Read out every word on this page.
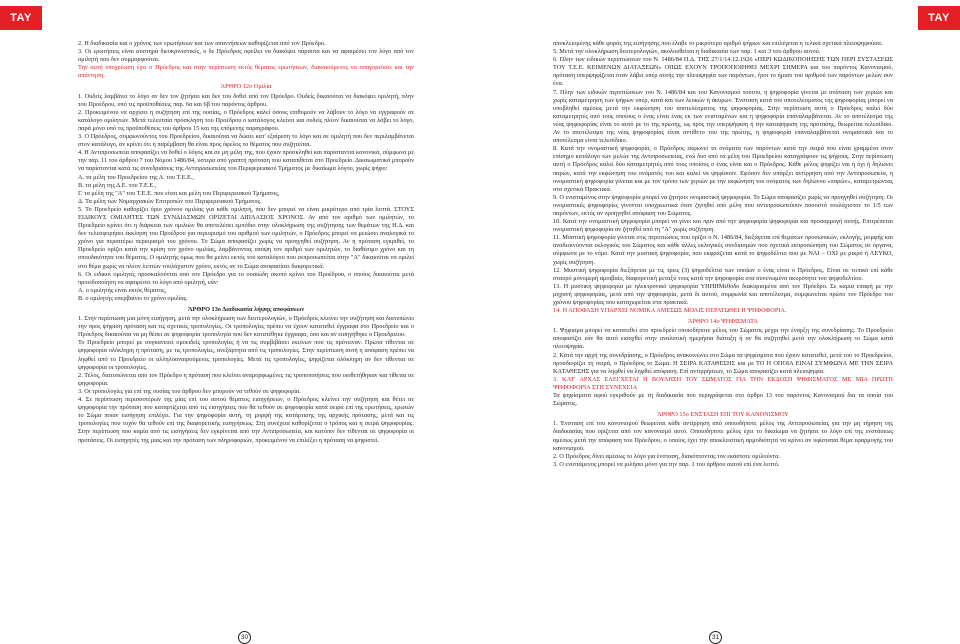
ΤΑΥ	ΤΑΥ

2. Η διαδικασία και ο χρόνος των ερωτήσεων και των απαντήσεων καθορίζεται από τον Πρόεδρο.

3. Οι ερωτήσεις είναι αυστηρά διευκρινιστικές, ο δε Πρόεδρος οφείλει να διακόψει πάραυτα και να αφαιρέσει τον λόγο από τον ομιλητή που δεν συμμορφούται.

Την αυτή υποχρέωση έχει ο Πρόεδρος και στην περίπτωση εκτός θέματος ερωτήσεων, διακαιούμενος να απαγορεύσει και την απάντηση.

ΆΡΘΡΟ 12ο Ομιλία

1. Ουδείς λαμβάνει το λόγο αν δεν τον ζητήσει και δεν του δοθεί από τον Πρόεδρο. Ουδείς δικαιούται να διακόψει ομιλητή, πλην του Προέδρου, υπό τις προϋποθέσεις παρ. 6α και 6β του παρόντος άρθρου.

2. Προκειμένου να αρχίσει η συζήτηση επί της ουσίας, ο Πρόεδρος καλεί όσους επιθυμούν να λάβουν το λόγο να εγγραφούν σε κατάλογο ομιλητών. Μετά τελευταία πρόσκληση του Προέδρου ο κατάλογος κλείνει και ουδείς πλέον δικαιούται να λάβει το λόγο, παρά μόνο υπό τις προϋποθέσεις του άρθρου 15 και της επόμενης παραγράφου.

3. Ο Πρόεδρος, συμφωνούντος του Προεδρείου, δικαιούται να δώσει κατ' εξαίρεση το λόγο και σε ομιλητή που δεν περιλαμβάνεται στον κατάλογο, αν κρίνει ότι η παρέμβαση θα είναι προς όφελος το θέματος που συζητείται.

4. Η Αντιπροσωπεία αποφασίζει να δοθεί ο λόγος και σε μη μέλη της, που έχουν προσκληθεί και παρίστανται κανονικά, σύμφωνα με την παρ. 11 του άρθρου 7 του Νόμου 1486/84, ύστερα από γραπτή πρόταση που καταπίθεται στο Προεδρείο. Δικαιωματικά μπορούν να παρίστανται κατά τις συνεδριάσεις της Αντιπροσωπείας του Περιφερειακού Τμήματος με δικαίωμα λόγου, χωρίς ψήφο:

Α. τα μέλη του Προεδρείου της Α. του Τ.Ε.Ε.,

Β. τα μέλη της Δ.Ε. του Τ.Ε.Ε.,

Γ. τα μέλη της "Α" του Τ.Ε.Ε. που είναι και μέλη του Περιφερειακού Τμήματος,

Δ. Τα μέλη των Νομαρχιακών Επιτροπών του Περιφερειακού Τμήματος.

5. Το Προεδρείο καθορίζει όριο χρόνου ομιλίας για κάθε ομιλητή, που δεν μπορεί να είναι μικρότερο από τρία λεπτά. ΣΤΟΥΣ ΕΙΔΙΚΟΥΣ ΟΜΙΛΗΤΕΣ ΤΩΝ ΣΥΝΔΙΑΣΜΩΝ ΟΡΙΖΕΤΑΙ ΔΙΠΛΑΣΙΟΣ ΧΡΟΝΟΣ. Αν από τον αριθμό των ομιλητών, το Προεδρείο κρίνει ότι η διάρκεια των ομιλιών θα αποτελέσει εμπόδιο στην ολοκλήρωση της συζήτησης των θεμάτων της Η.Δ. και δεν τελεσφορήσει έκκληση του Προέδρου για περιορισμό του αριθμού των ομιλητών, ο Πρόεδρος μπορεί να μειώσει αναλογικά το χρόνο για περαιτέρω περιορισμό του χρόνου. Το Σώμα αποφασίζει χωρίς να προηγηθεί συζήτηση. Αν η πρόταση εγκριθεί, το Προεδρείο ορίζει κατά την κρίση τον χρόνο ομιλίας, λαμβάνοντας υπόψη τον αριθμό των ομιλητών, το διαθέσιμο χρόνο και τη σπουδαιότητα του θέματος. Ο ομιλητής όμως που θα μείνει εκτός του καταλόγου που εκπροσωπείται στην "Α" δικαιούται να ομιλεί στο θέμα χωρίς να πλέον λεπτών τουλάχιστον χρόνο, εκτός αν το Σώμα αποφασίσει διαφορετικά.

6. Οι ειδικοί ομιλητές προσκαλούνται από τον Πρόεδρο για το ουσιώδη σκοπό κρίνει του Προέδρου, ο οποίος δικαιούται μετά προειδοποίηση να αφαιρέσει το λόγο από ομιλητή, εάν:

Α. ο ομιλητής είναι εκτός θέματος,

Β. ο ομιλητής υπερβαίνει το χρόνο ομιλίας.

ΆΡΘΡΟ 13ο Διαδικασία λήψης αποφάσεων

1. Στην περίπτωση μια μόνη εισήγηση, μετά την ολοκλήρωση των δευτερολογιών, ο Πρόεδρος κλείνει την συζήτηση και διατυπώνει την προς ψήφιση πρόταση και τις σχετικές τροπολογίες. Οι τροπολογίες πρέπει να έχουν κατατεθεί έγγραφα στο Προεδρείο και ο Πρόεδρος δικαιούται να μη θέσει σε ψηφοφορία τροπολογία που δεν κατατέθηκε έγγραφα, όσο και αν εισηγήθηκε ο Προεδρείου.

Το Προεδρείο μπορεί με συγκανευεί ομοειδείς τροπολογίες ή να τις συμβιβάσει εκείνων που τις πρότειναν. Πρώτα τίθενται σε ψηφοφορία ολόκληρη η πρόταση, με τις τροπολογίες, ανεξάρτητα από τις τροπολογίες. Στην περίπτωση αυτή η απόφαση πρέπει να ληφθεί από το Προεδρείο οι αλληλοαναιρούμενες τροπολογίες. Μετά τις τροπολογίες, ψηφίζεται ολόκληρη αν δεν τίθενται σε ψηφοφορία οι τροπολογίες.

2. Τέλος, διατυπώνεται από τον Πρόεδρο η πρόταση που κλείνει αναμορφωμένες τις τροποποιήσεις που υιοθετήθηκαν και τίθεται σε ψηφοφορία.

3. Οι τροπολογίες για επί της ουσίας του άρθρου δεν μπορούν να τεθούν σε ψηφοφορία.

4. Σε περίπτωση περισσοτέρων της μίας επί του αυτού θέματος εισηγήσεων, ο Πρόεδρος κλείνει την συζήτηση και θέτει σε ψηφοφορία την πρόταση που καταρτίζεται από τις εισηγήσεις που θα τεθούν σε ψηφοφορία κατά σειρά επί της ερωτήσεις, ερωτών το Σώμα ποιαν εισήγηση επιλέγει. Για την ψηφοφορία αυτή, τη μορφή της κατάρτισης της αρχικής πρότασης, μετά και τις τροπολογίες που τυχόν θα τεθούν επί της διαφορετικής εισηγήσεως. Στη συνέχεια καθορίζεται ο τρόπος και η σειρά ψηφοφορίας. Στην περίπτωση που καμία από τις εισηγήσεις δεν εγκρίνεται από την Αντιπροσωπεία, και κατόπιν δεν τίθενται σε ψηφοφορία οι προτάσεις. Οι εισηγητές της μιας και την πρόταση των πληροφοριών, προκειμένου να επιλέξει η πρόταση να ψηφιστεί.

αποκλειομένης κάθε φοράς της εισήγησης που έλαβε το μικρότερο αριθμό ψήφων και επιλέγεται η τελικά σχετικά πλειοψηφούσα.

5. Μετά την ολοκλήρωση δευτερολογιών, ακολουθείται η διαδικασία των παρ. 1 και 3 του άρθρου αυτού.

6. Πλην των ειδικών περιπτώσεων του Ν. 1486/84 Π.Δ. ΤΗΣ 27/1/14.12.1926 «ΠΕΡΙ ΚΩΔΙΚΟΠΟΙΗΣΗΣ ΤΩΝ ΠΕΡΙ ΣΥΣΤΑΣΕΩΣ ΤΟΥ Τ.Ε.Ε. ΚΕΙΜΕΝΩΝ ΔΙΑΤΑΞΕΩΝ» ΟΠΩΣ ΕΧΟΥΝ ΤΡΟΠΟΠΟΙΗΘΕΙ ΜΕΧΡΙ ΣΗΜΕΡΑ και του παρόντος Κανονισμού, πρόταση υπερψηφίζεται όταν λάβει υπέρ αυτής την πλειοψηφία των παρόντων, ήτοι το ήμισυ του αριθμού των παρόντων μελών συν ένα.

7. Πλην των ειδικών περιπτώσεων του Ν. 1486/84 και του Κανονισμού τούτου, η ψηφοφορία γίνεται με ανάταση των χεριών και χωρίς καταμέτρηση των ψήφων υπέρ, κατά και των λευκών ή άκυρων. Ένσταση κατά του αποτελέσματος της ψηφοφορίας μπορεί να υποβληθεί αμέσως μετά την εκφώνηση του αποτελέσματος της ψηφοφορίας. Στην περίπτωση αυτή ο Πρόεδρος καλεί δύο καταμετρητές από τους οποίους ο ένας είναι ένας εκ των ενισταμένων και η ψηφοφορία επαναλαμβάνεται. Αν το αποτέλεσμα της νέας ψηφοφορίας είναι το αυτό με το της πρώτης, ως προς την υπερψήφιση ή την καταψήφιση της πρότασης, θεωρείται τελεσίδικο. Αν το αποτέλεσμα της νέας ψηφοφορίας είναι αντίθετο του της πρώτης, η ψηφοφορία επαναλαμβάνεται ονομαστικά και το αποτέλεσμα είναι τελεσίδικο.

8. Κατά την ονομαστική ψηφοφορία, ο Πρόεδρος εκφωνεί τα ονόματα των παρόντων κατά την σειρά που είναι γραμμένα στον επίσημο κατάλογο των μελών της Αντιπροσωπείας, ενώ δυο από τα μέλη του Προεδρείου καταγράφουν τις ψήφους. Στην περίπτωση αυτή ο Πρόεδρος καλεί δύο καταμετρητές από τους οποίους ο ένας είναι και ο Πρόεδρος. Κάθε μέλος ψηφίζει ναι ή όχι ή δηλώνει παρών, κατά την εκφώνηση του ονόματός του και καλεί να ψηφίσουν. Εφόσον δεν υπάρξει αντίρρηση από την Αντιπροσωπεία, η ονομαστική ψηφοφορία γίνεται και με τον τρόπο των χεριών με την εκφώνηση του ονόματος των δηλώνου «παρών», καταμετρώντας στα σχετικά Πρακτικά.

9. Ο ενισταμένος στην ψηφοφορία μπορεί να ζητήσει ονομαστική ψηφοφορία. Το Σώμα αποφασίζει χωρίς να προηγηθεί συζήτηση. Οι ονομαστικές ψηφοφορίες γίνονται υποχρεωτικά όταν ζητηθεί από μέλη που αντιπροσωπεύουν ποσοστό τουλάχιστον το 1/5 των παρόντων, εκτός αν προηγηθεί απόφαση του Σώματος.

10. Κατά την ονομαστική ψηφοφορία μπορεί να γίνει και πριν από την ψηφοφορία ψηφοφορία και προσαρμογή αυτής. Επιτρέπεται ονομαστική ψηφοφορία αν ζητηθεί από τη "Α" χωρίς συζήτηση.

11. Μυστική ψηφοφορία γίνεται στις περιπτώσεις που ορίζει ο Ν. 1486/84, διεξάγεται επί θεμάτων προσωπικών, εκλογής, μομφής και αναδεικνύονται εκλογικός του Σώματος και κάθε άλλες εκλογικές συνδιασμών που σχετικά εκπροσώπηση του Σώματος σε όργανα, σύμφωνα με το νόμο. Κατά την μυστική ψηφοφορία, που εκφράζεται κατά το ψηφοδέλτιο που με ΝΑΙ – ΟΧΙ με μικρό ή ΛΕΥΚΟ, χωρίς συζήτηση.

12. Μυστική ψηφοφορία διεξάγεται με τις τρεις (3) ψηφοδέλτια των οποίων ο ένας είναι ο Πρόεδρος. Είναι σε τοπικό επί κάθε σταυρό μονομερή αμοιβαίο, διαφορετική μεταξύ τους κατά την ψηφοφορία στα συνενωμένα ακυρότητα του ψηφοδελτίου.

13. Η μυστική ψηφοφορία με ηλεκτρονικό ψηφοφορία ΥΗΗΗΜέθοδο διακυρισμένα από τον Πρόεδρο. Σε καμία επαφή με την μηχανή ψηφοφορίας, μετά από την ψηφοφορία, μετά δι αυτού, συμφωνία και αποτέλεσμα, συμφωνείται πρώτο τον Πρόεδρο του χρόνου ψηφοφορίας που καταχωρείται στα πρακτικά.

14. Η ΑΠΟΦΑΣΗ ΥΠΑΡΧΕΙ ΝΟΜΙΚΑ ΑΜΕΣΩΣ ΜΟΛΙΣ ΠΕΡΑΤΩΘΕΙ Η ΨΗΦΟΦΟΡΙΑ.

ΆΡΘΡΟ 14ο ΨΗΦΙΣΜΑΤΑ

1. Ψήφισμα μπορεί να κατατεθεί στο προεδρείο οποιοδήποτε μέλος του Σώματος μέχρι την έναρξη της συνεδρίασης. Το Προεδρείο αποφασίζει εάν θα αυτό εισαχθεί στην αναλυτική ημερήσια διάταξη ή αν θα συζητηθεί μετά την ολοκλήρωση το Σώμα κατά πλειοψηφία.

2. Κατά την αρχή της συνεδρίασης, ο Πρόεδρος ανακοινώνει στο Σώμα τα ψηφίσματα που έχουν κατατεθεί, μετά του το Προεδρείου, προσδιορίζει τη σειρά, ο Πρόεδρος το Σώμα. Η ΣΕΙΡΑ ΚΑΤΑΘΕΣΗΣ και με ΤΟ Η ΟΠΟΙΑ ΕΙΝΑΙ ΣΥΜΦΩΝΑ ΜΕ ΤΗΝ ΣΕΙΡΑ ΚΑΤΑΘΕΣΗΣ για να ληφθεί να ληφθεί απόφαση. Επί αντιρρήσεων, το Σώμα αποφασίζει κατά πλειοψηφία.

3. ΚΑΤ' ΑΡΧΑΣ ΕΛΕΓΧΕΤΑΙ Η ΒΟΥΛΗΣΗ ΤΟΥ ΣΩΜΑΤΟΣ ΓΙΑ ΤΗΝ ΕΚΔΟΣΗ ΨΗΦΙΣΜΑΤΟΣ ΜΕ ΜΙΑ ΠΡΩΤΗ ΨΗΦΟΦΟΡΙΑ ΣΤΗ ΣΥΝΕΧΕΙΑ

Τα ψηφίσματα αφού εγκριθούν με τη διαδικασία που περιγράφεται στο άρθρο 13 του παρόντος Κανονισμού δια τα οποία του Σώματος.

ΆΡΘΡΟ 15ο ΕΝΣΤΑΣΗ ΕΠΙ ΤΟΥ ΚΑΝΟΝΙΣΜΟΥ

1. Ένσταση επί του κανονισμού θεωρείται κάθε αντίρρηση από οποιοδήποτε μέλος της Αντιπροσωπείας για την μη τήρηση της διαδικασίας που ορίζεται από τον κανονισμό αυτό. Οποιοδήποτε μέλος έχει το δικαίωμα να ζητήσει το λόγο επί της ενστάσεως αμέσως μετά την απόφαση του Πρόεδρου, ο οποίος έχει την αποκλειστική αρμοδιότητα να κρίνει αν υφίσταται θέμα εφαρμογής του κανονισμού.

2. Ο Πρόεδρος δίνει αμέσως το λόγο για ένσταση, διακόπτοντας τον εκάστοτε ομιλούντα.

3. Ο ενιστάμενος μπορεί να μιλήσει μόνο για την παρ. 1 του άρθρου αυτού επί ένα λεπτό.

30	31
